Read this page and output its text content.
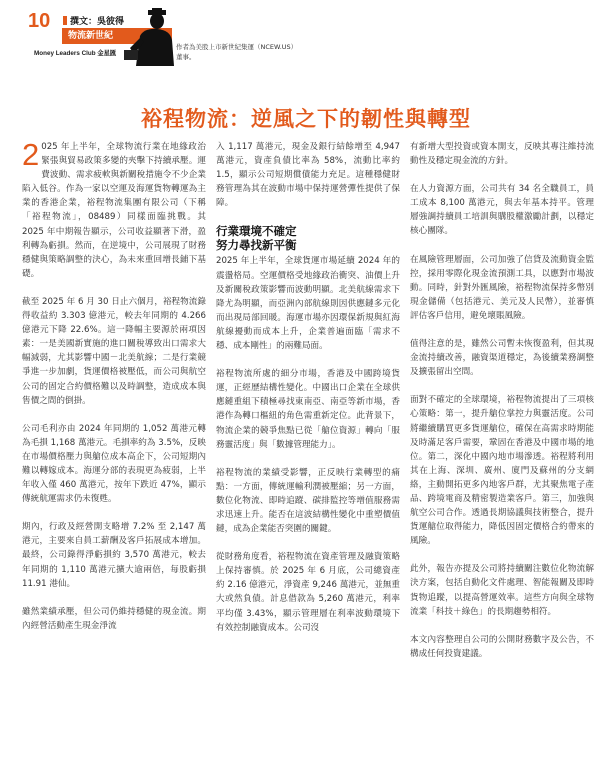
10	撰文：吳彼得
物流新世紀
Money Leaders Club 金星匯
作者為美股上市新世紀集運（NCEW.US）董事。
裕程物流：逆風之下的韌性與轉型

2 025 年上半年，全球物流行業在地緣政治緊張與貿易政策多變的夾擊下持續承壓。運費波動、需求疲軟與新關稅措施令不少企業陷入低谷。作為一家以空運及海運貨物轉運為主業的香港企業，裕程物流集團有限公司（下稱「裕程物流」，08489）同樣面臨挑戰。其 2025 年中期報告顯示，公司收益顯著下滑，盈利轉為虧損。然而，在逆境中，公司展現了財務穩健與策略調整的決心，為未來重回增長鋪下基礎。

截至 2025 年 6 月 30 日止六個月，裕程物流錄得收益約 3.303 億港元，較去年同期的 4.266 億港元下降 22.6%。這一降幅主要源於兩項因素：一是美國新實施的進口關稅導致出口需求大幅減弱，尤其影響中國－北美航線；二是行業競爭進一步加劇，貨運價格被壓低，而公司與航空公司的固定合約價格難以及時調整，造成成本與售價之間的倒掛。

公司毛利亦由 2024 年同期的 1,052 萬港元轉為毛損 1,168 萬港元。毛損率約為 3.5%，反映在市場價格壓力與艙位成本高企下，公司短期內難以轉嫁成本。海運分部的表現更為疲弱，上半年收入僅 460 萬港元，按年下跌近 47%，顯示傳統航運需求仍未復甦。

期內，行政及經營開支略增 7.2% 至 2,147 萬港元，主要來自員工薪酬及客戶拓展成本增加。最終，公司錄得淨虧損約 3,570 萬港元，較去年同期的 1,110 萬港元擴大逾兩倍，每股虧損 11.91 港仙。

雖然業績承壓，但公司仍維持穩健的現金流。期內經營活動產生現金淨流

入 1,117 萬港元，現金及銀行結餘增至 4,947 萬港元，資產負債比率為 58%，流動比率約 1.5，顯示公司短期償債能力充足。這種穩健財務管理為其在波動市場中保持運營彈性提供了保障。

行業環境不確定
努力尋找新平衡

2025 年上半年，全球貨運市場延續 2024 年的震盪格局。空運價格受地緣政治衝突、油價上升及新關稅政策影響而波動明顯。北美航線需求下降尤為明顯，而亞洲內部航線則因供應鏈多元化而出現局部回暖。海運市場亦因環保新規與紅海航線擾動而成本上升，企業普遍面臨「需求不穩、成本剛性」的兩難局面。

裕程物流所處的細分市場，香港及中國跨境貨運，正經歷結構性變化。中國出口企業在全球供應鏈重組下積極尋找東南亞、南亞等新市場，香港作為轉口樞紐的角色需重新定位。此背景下，物流企業的競爭焦點已從「艙位資源」轉向「服務靈活度」與「數據管理能力」。

裕程物流的業績受影響，正反映行業轉型的痛點：一方面，傳統運輸利潤被壓縮；另一方面，數位化物流、即時追蹤、碳排監控等增值服務需求迅速上升。能否在這波結構性變化中重塑價值鏈，成為企業能否突圍的關鍵。

從財務角度看，裕程物流在資產管理及融資策略上保持審慎。於 2025 年 6 月底，公司總資產約 2.16 億港元，淨資產 9,246 萬港元，並無重大或然負債。計息借款為 5,260 萬港元，利率平均僅 3.43%，顯示管理層在利率波動環境下有效控制融資成本。公司沒

有新增大型投資或資本開支，反映其專注維持流動性及穩定現金流的方針。

在人力資源方面，公司共有 34 名全職員工，員工成本 8,100 萬港元，與去年基本持平。管理層強調持續員工培訓與購股權激勵計劃，以穩定核心團隊。

在風險管理層面，公司加強了信貸及流動資金監控，採用零際化現金流預測工具，以應對市場波動。同時，針對外匯風險，裕程物流保持多幣別現金儲備（包括港元、美元及人民幣），並審慎評估客戶信用，避免壞賬風險。

值得注意的是，雖然公司暫未恢復盈利，但其現金流持續改善，融資渠道穩定，為後續業務調整及擴張留出空間。

面對不確定的全球環境，裕程物流提出了三項核心策略：第一，提升艙位掌控力與靈活度。公司將繼續購買更多貨運艙位，確保在高需求時期能及時滿足客戶需要，鞏固在香港及中國市場的地位。第二，深化中國內地市場滲透。裕程將利用其在上海、深圳、廣州、廈門及蘇州的分支網絡，主動開拓更多內地客戶群，尤其聚焦電子產品、跨境電商及精密製造業客戶。第三，加強與航空公司合作。透過長期協議與技術整合，提升貨運艙位取得能力，降低因固定價格合約帶來的風險。

此外，報告亦提及公司將持續關注數位化物流解決方案，包括自動化文件處理、智能報關及即時貨物追蹤，以提高營運效率。這些方向與全球物流業「科技＋綠色」的長期趨勢相符。

本文內容整理自公司的公開財務數字及公告，不構成任何投資建議。
